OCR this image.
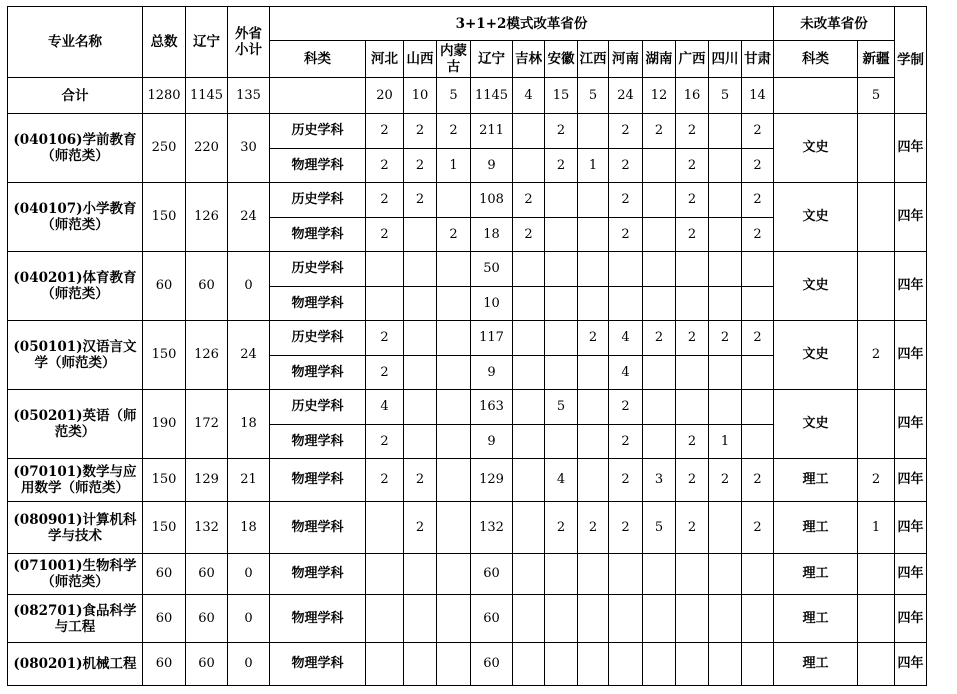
专业名称	总数	辽宁	外省小计	3+1+2模式改革省份													未改革省份		学制
				科类	河北	山西	内蒙古	辽宁	吉林	安徽	江西	河南	湖南	广西	四川	甘肃	科类	新疆	
合计	1280	1145	135		20	10	5	1145	4	15	5	24	12	16	5	14		5	
(040106)学前教育（师范类）	250	220	30	历史学科	2	2	2	211		2		2	2	2		2	文史		四年
				物理学科	2	2	1	9		2	1	2		2		2			
(040107)小学教育（师范类）	150	126	24	历史学科	2	2		108	2			2		2		2	文史		四年
				物理学科	2		2	18	2			2		2		2			
(040201)体育教育（师范类）	60	60	0	历史学科				50									文史		四年
				物理学科				10											
(050101)汉语言文学（师范类）	150	126	24	历史学科	2			117			2	4	2	2	2	2	文史	2	四年
				物理学科	2			9				4							
(050201)英语（师范类）	190	172	18	历史学科	4			163		5		2					文史		四年
				物理学科	2			9				2		2	1				
(070101)数学与应用数学（师范类）	150	129	21	物理学科	2	2		129		4		2	3	2	2	2	理工	2	四年
(080901)计算机科学与技术	150	132	18	物理学科		2		132		2	2	2	5	2		2	理工	1	四年
(071001)生物科学（师范类）	60	60	0	物理学科				60									理工		四年
(082701)食品科学与工程	60	60	0	物理学科				60									理工		四年
(080201)机械工程	60	60	0	物理学科				60									理工		四年
